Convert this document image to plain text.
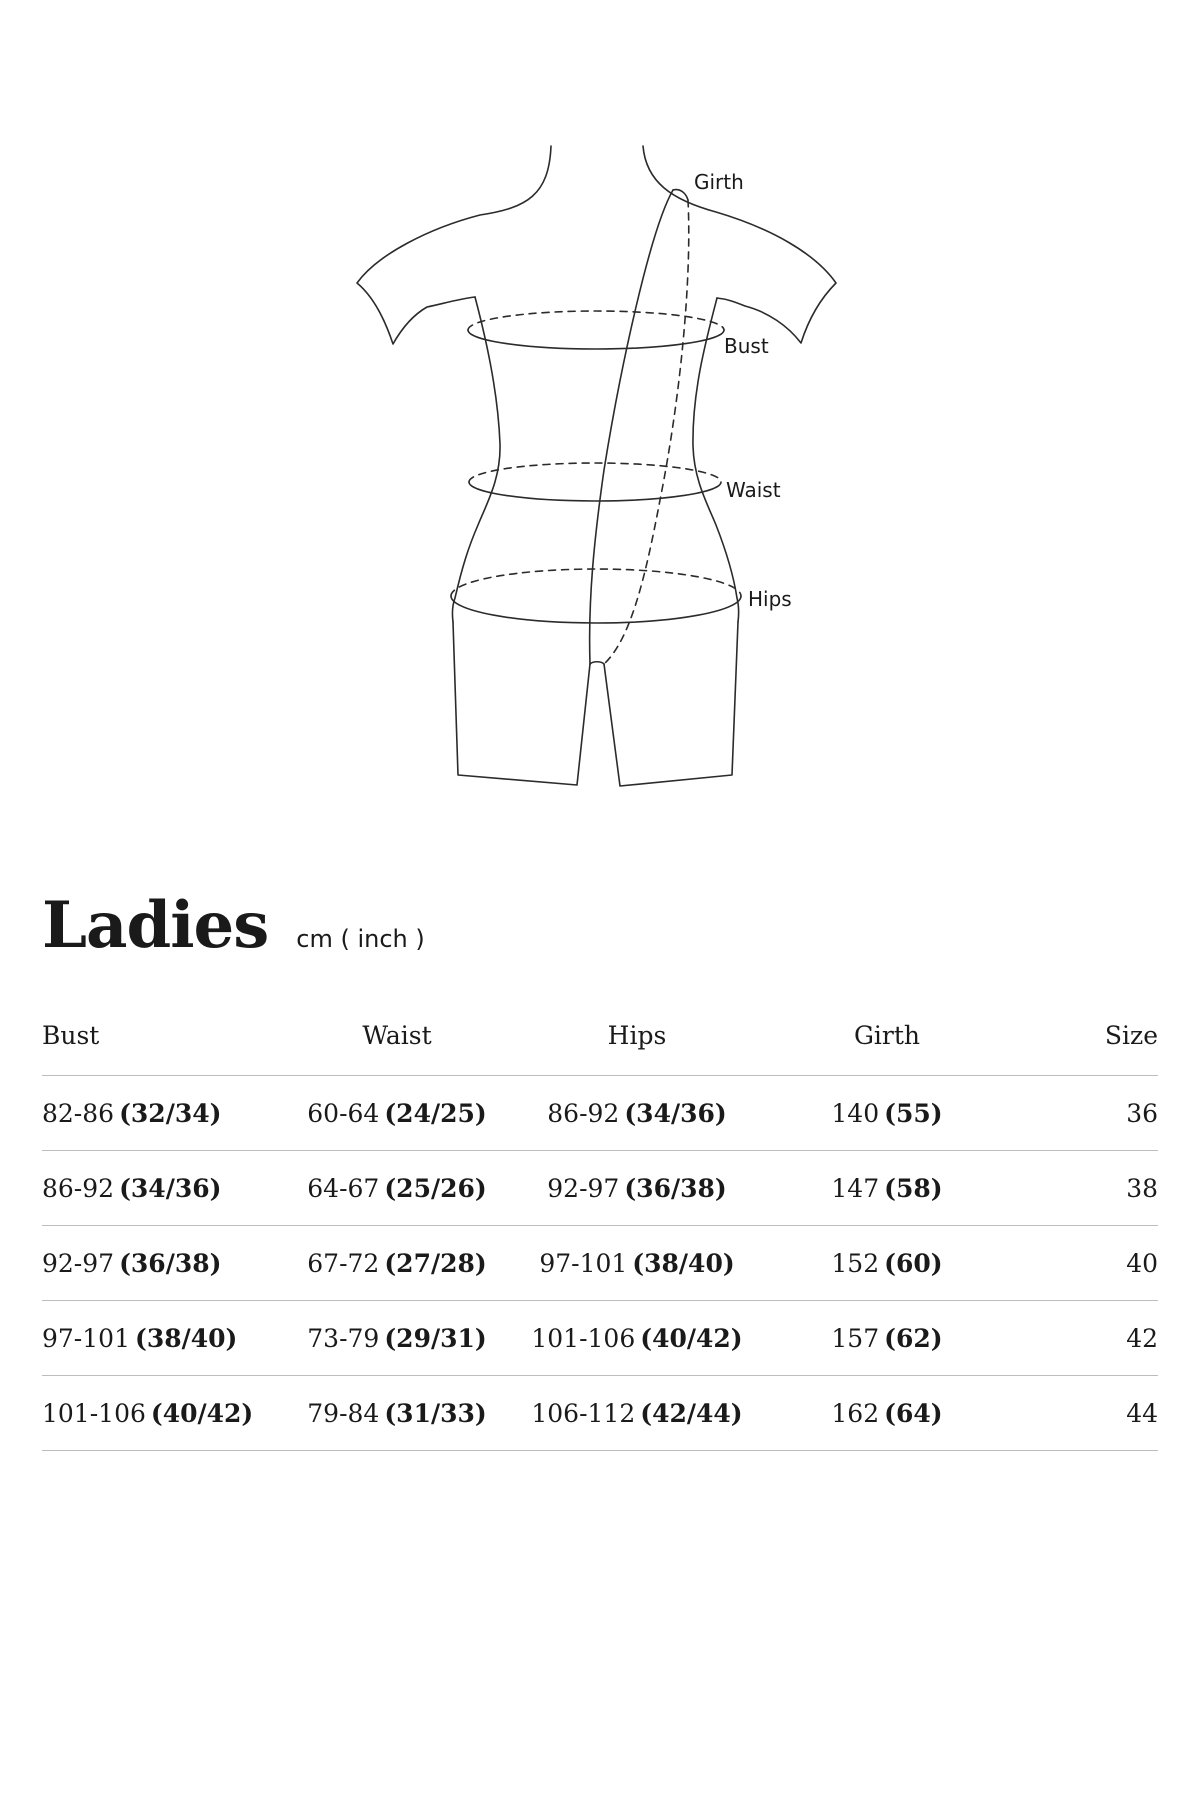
Girth
Bust
Waist
Hips
Ladies cm ( inch )
Bust	Waist	Hips	Girth	Size
82-86 (32/34)	60-64 (24/25)	86-92 (34/36)	140 (55)	36
86-92 (34/36)	64-67 (25/26)	92-97 (36/38)	147 (58)	38
92-97 (36/38)	67-72 (27/28)	97-101 (38/40)	152 (60)	40
97-101 (38/40)	73-79 (29/31)	101-106 (40/42)	157 (62)	42
101-106 (40/42)	79-84 (31/33)	106-112 (42/44)	162 (64)	44
